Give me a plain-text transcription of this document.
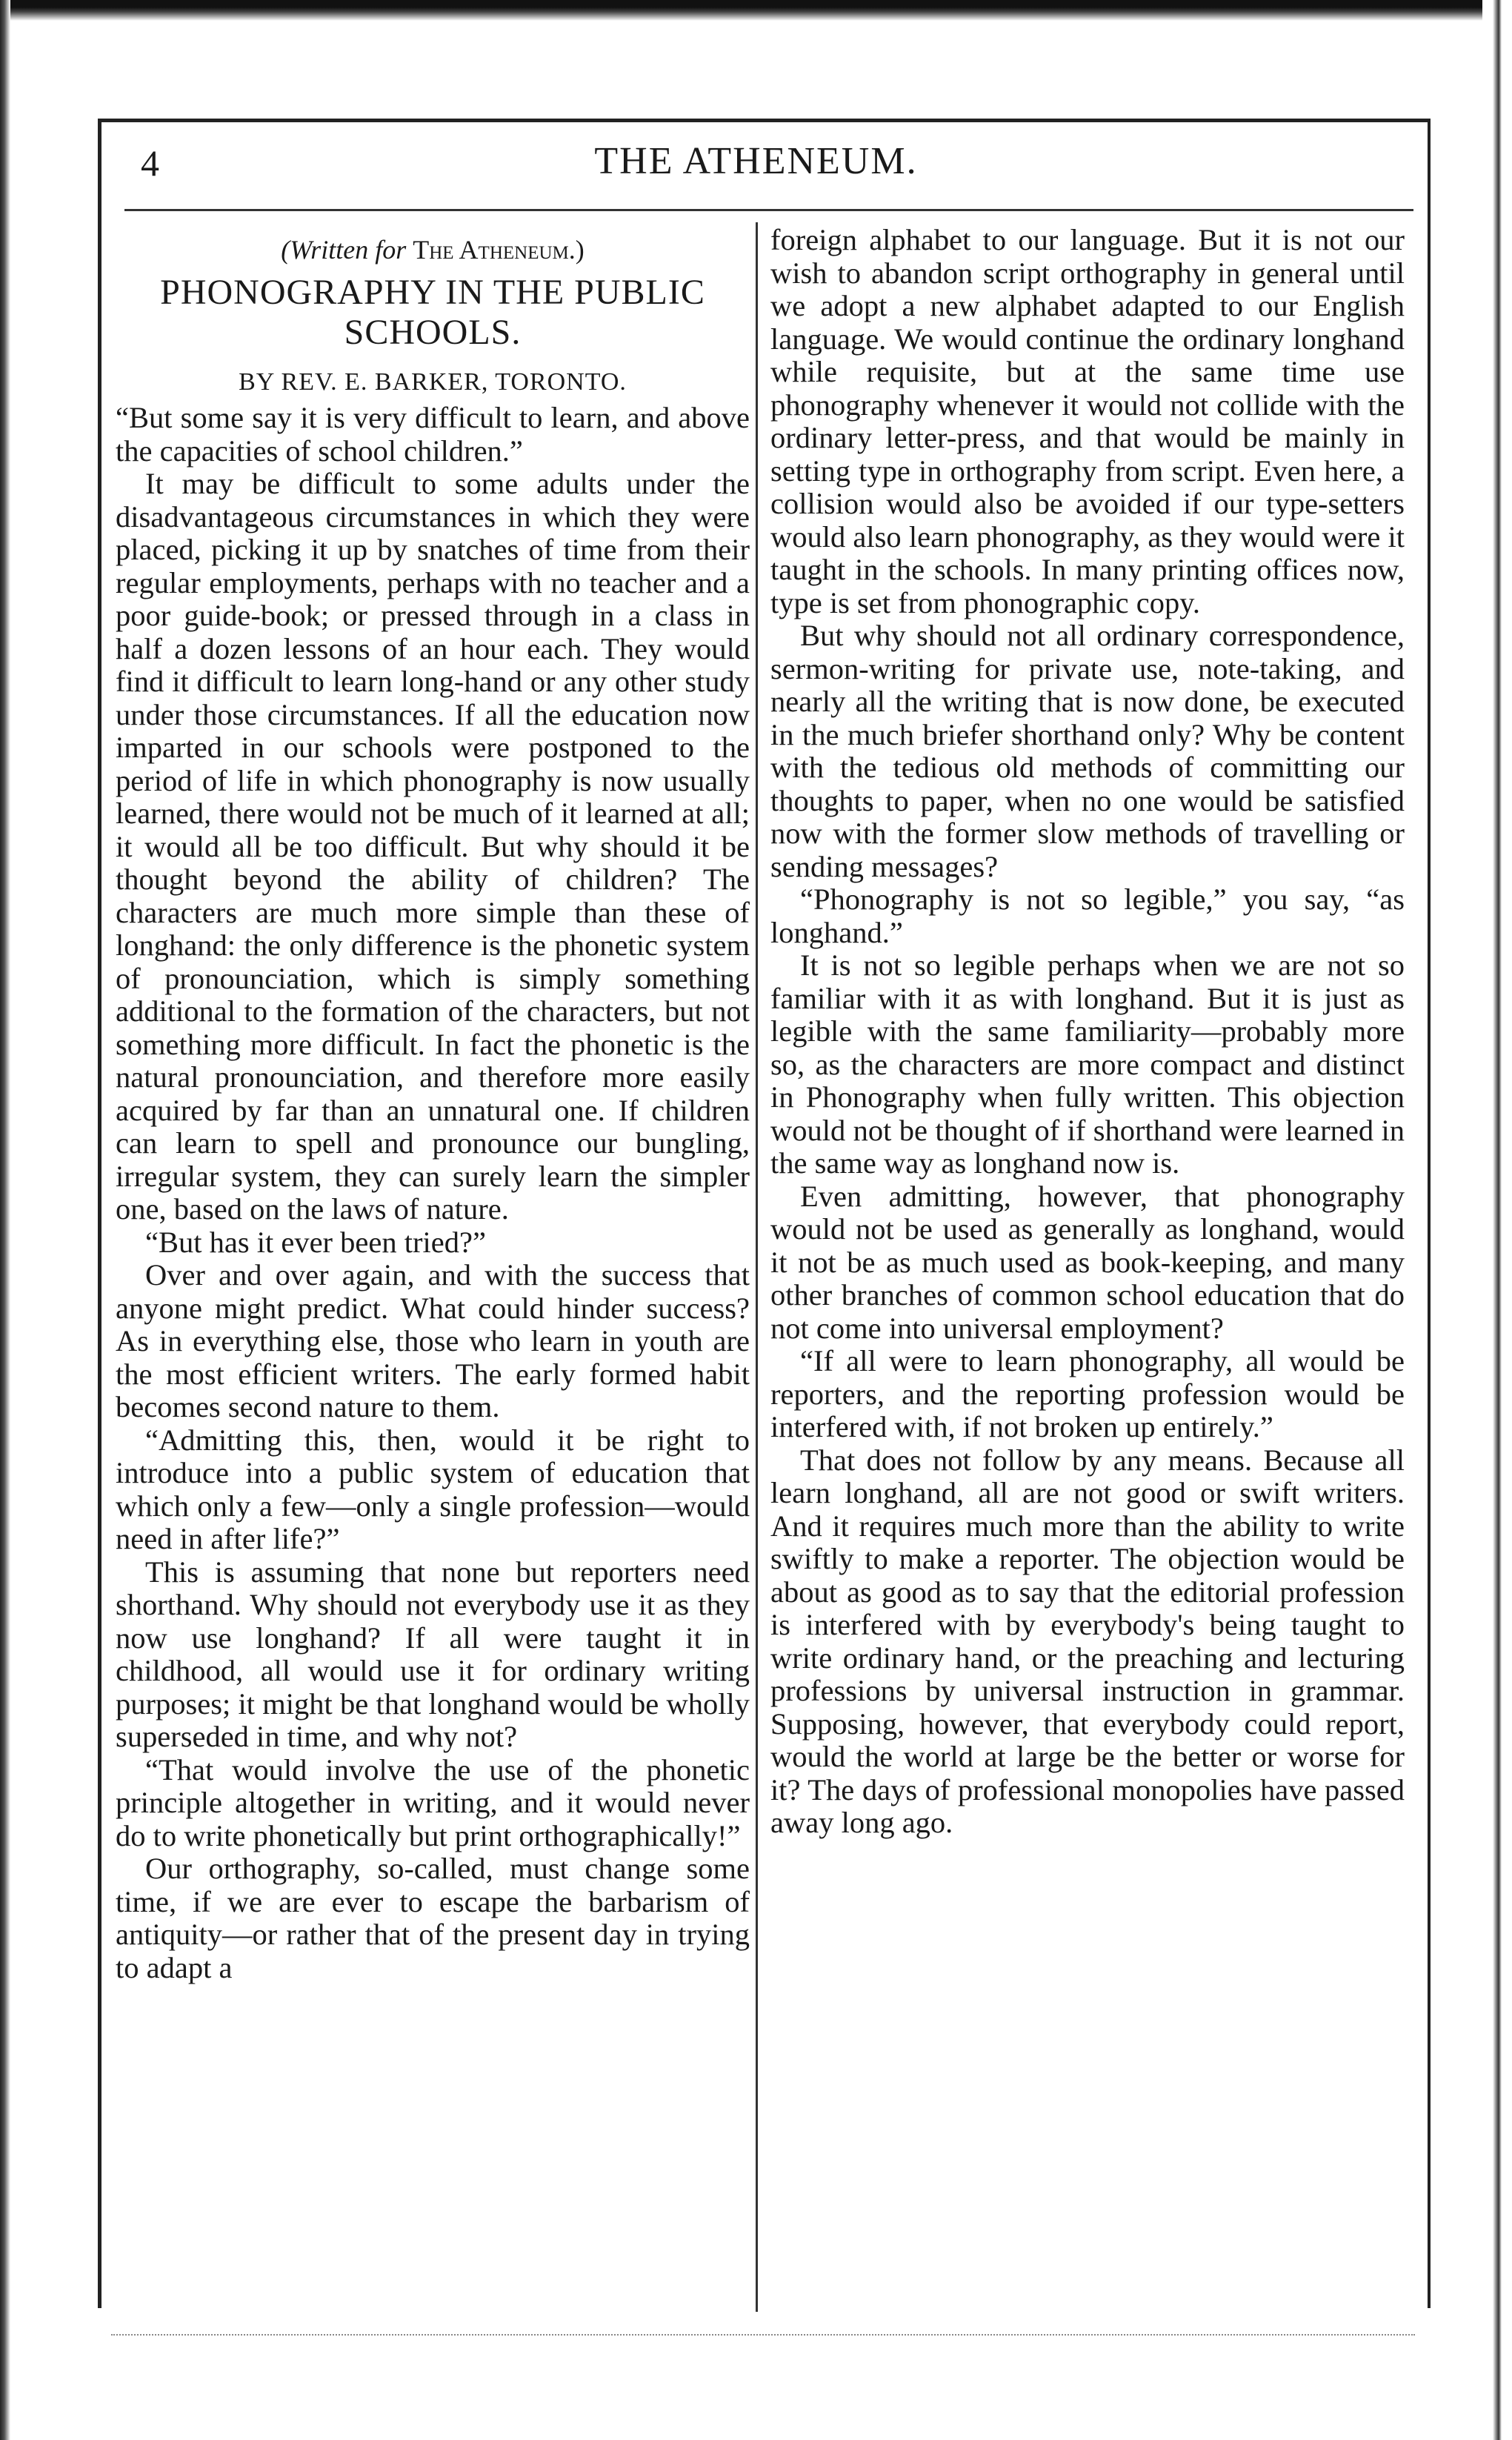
4	THE ATHENEUM.
(Written for The Atheneum.)
PHONOGRAPHY IN THE PUBLIC SCHOOLS.
BY REV. E. BARKER, TORONTO.

“But some say it is very difficult to learn, and above the capacities of school children.”

It may be difficult to some adults under the disadvantageous circumstances in which they were placed, picking it up by snatches of time from their regular employments, perhaps with no teacher and a poor guide-book; or pressed through in a class in half a dozen lessons of an hour each. They would find it difficult to learn long-hand or any other study under those circumstances. If all the education now imparted in our schools were postponed to the period of life in which phonography is now usually learned, there would not be much of it learned at all; it would all be too difficult. But why should it be thought beyond the ability of children? The characters are much more simple than these of longhand: the only difference is the phonetic system of pronounciation, which is simply something additional to the formation of the characters, but not something more difficult. In fact the phonetic is the natural pronounciation, and therefore more easily acquired by far than an unnatural one. If children can learn to spell and pronounce our bungling, irregular system, they can surely learn the simpler one, based on the laws of nature.

“But has it ever been tried?”

Over and over again, and with the success that anyone might predict. What could hinder success? As in everything else, those who learn in youth are the most efficient writers. The early formed habit becomes second nature to them.

“Admitting this, then, would it be right to introduce into a public system of education that which only a few—only a single profession—would need in after life?”

This is assuming that none but reporters need shorthand. Why should not everybody use it as they now use longhand? If all were taught it in childhood, all would use it for ordinary writing purposes; it might be that longhand would be wholly superseded in time, and why not?

“That would involve the use of the phonetic principle altogether in writing, and it would never do to write phonetically but print orthographically!”

Our orthography, so-called, must change some time, if we are ever to escape the barbarism of antiquity—or rather that of the present day in trying to adapt a

foreign alphabet to our language. But it is not our wish to abandon script orthography in general until we adopt a new alphabet adapted to our English language. We would continue the ordinary longhand while requisite, but at the same time use phonography whenever it would not collide with the ordinary letter-press, and that would be mainly in setting type in orthography from script. Even here, a collision would also be avoided if our type-setters would also learn phonography, as they would were it taught in the schools. In many printing offices now, type is set from phonographic copy.

But why should not all ordinary correspondence, sermon-writing for private use, note-taking, and nearly all the writing that is now done, be executed in the much briefer shorthand only? Why be content with the tedious old methods of committing our thoughts to paper, when no one would be satisfied now with the former slow methods of travelling or sending messages?

“Phonography is not so legible,” you say, “as longhand.”

It is not so legible perhaps when we are not so familiar with it as with longhand. But it is just as legible with the same familiarity—probably more so, as the characters are more compact and distinct in Phonography when fully written. This objection would not be thought of if shorthand were learned in the same way as longhand now is.

Even admitting, however, that phonography would not be used as generally as longhand, would it not be as much used as book-keeping, and many other branches of common school education that do not come into universal employment?

“If all were to learn phonography, all would be reporters, and the reporting profession would be interfered with, if not broken up entirely.”

That does not follow by any means. Because all learn longhand, all are not good or swift writers. And it requires much more than the ability to write swiftly to make a reporter. The objection would be about as good as to say that the editorial profession is interfered with by everybody's being taught to write ordinary hand, or the preaching and lecturing professions by universal instruction in grammar. Supposing, however, that everybody could report, would the world at large be the better or worse for it? The days of professional monopolies have passed away long ago.
